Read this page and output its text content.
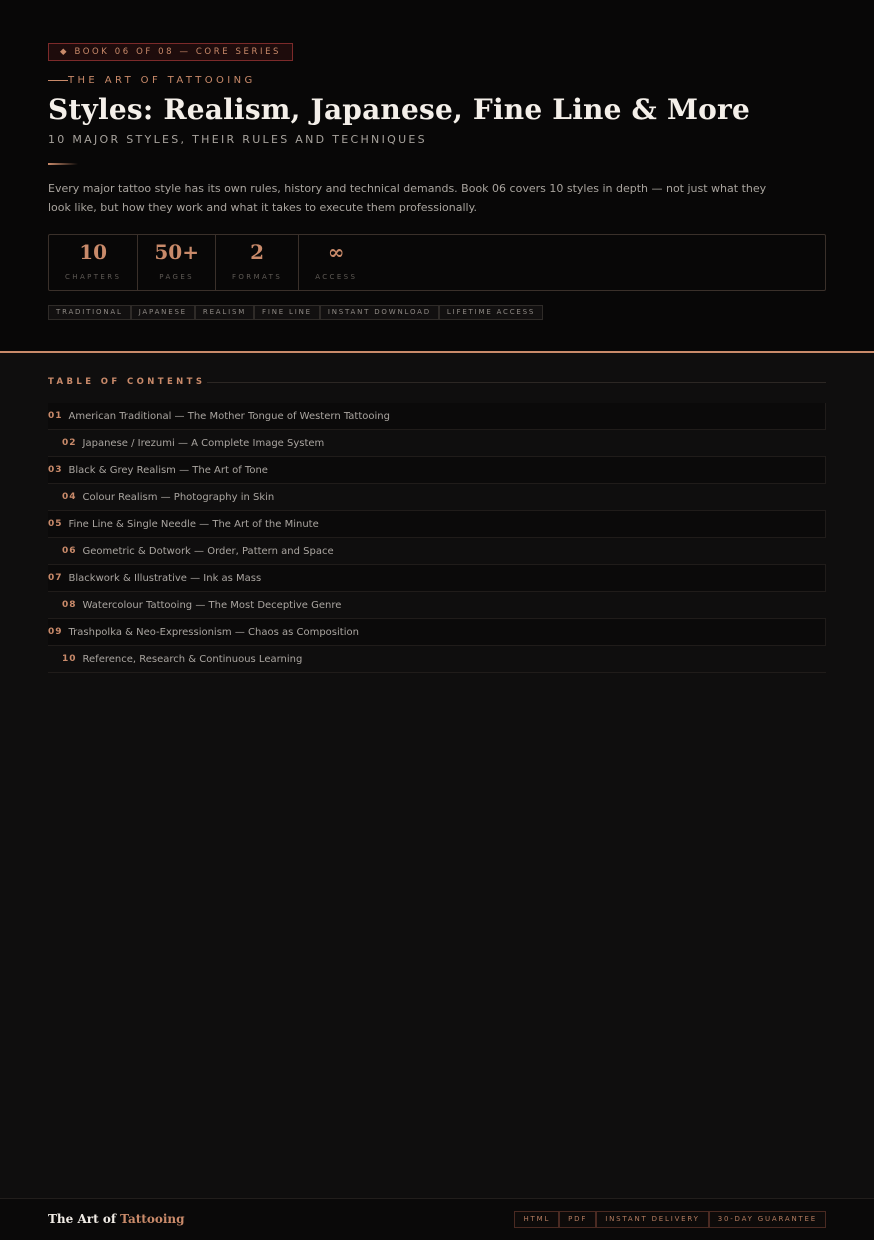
◆ BOOK 06 OF 08 — CORE SERIES
THE ART OF TATTOOING
Styles: Realism, Japanese, Fine Line & More
10 MAJOR STYLES, THEIR RULES AND TECHNIQUES

Every major tattoo style has its own rules, history and technical demands. Book 06 covers 10 styles in depth — not just what they look like, but how they work and what it takes to execute them professionally.

10
CHAPTERS
50+
PAGES
2
FORMATS
∞
ACCESS
TRADITIONAL	JAPANESE	REALISM	FINE LINE	INSTANT DOWNLOAD	LIFETIME ACCESS
TABLE OF CONTENTS
01 American Traditional — The Mother Tongue of Western Tattooing
02 Japanese / Irezumi — A Complete Image System
03 Black & Grey Realism — The Art of Tone
04 Colour Realism — Photography in Skin
05 Fine Line & Single Needle — The Art of the Minute
06 Geometric & Dotwork — Order, Pattern and Space
07 Blackwork & Illustrative — Ink as Mass
08 Watercolour Tattooing — The Most Deceptive Genre
09 Trashpolka & Neo-Expressionism — Chaos as Composition
10 Reference, Research & Continuous Learning
The Art of Tattooing	HTML	PDF	INSTANT DELIVERY	30-DAY GUARANTEE
